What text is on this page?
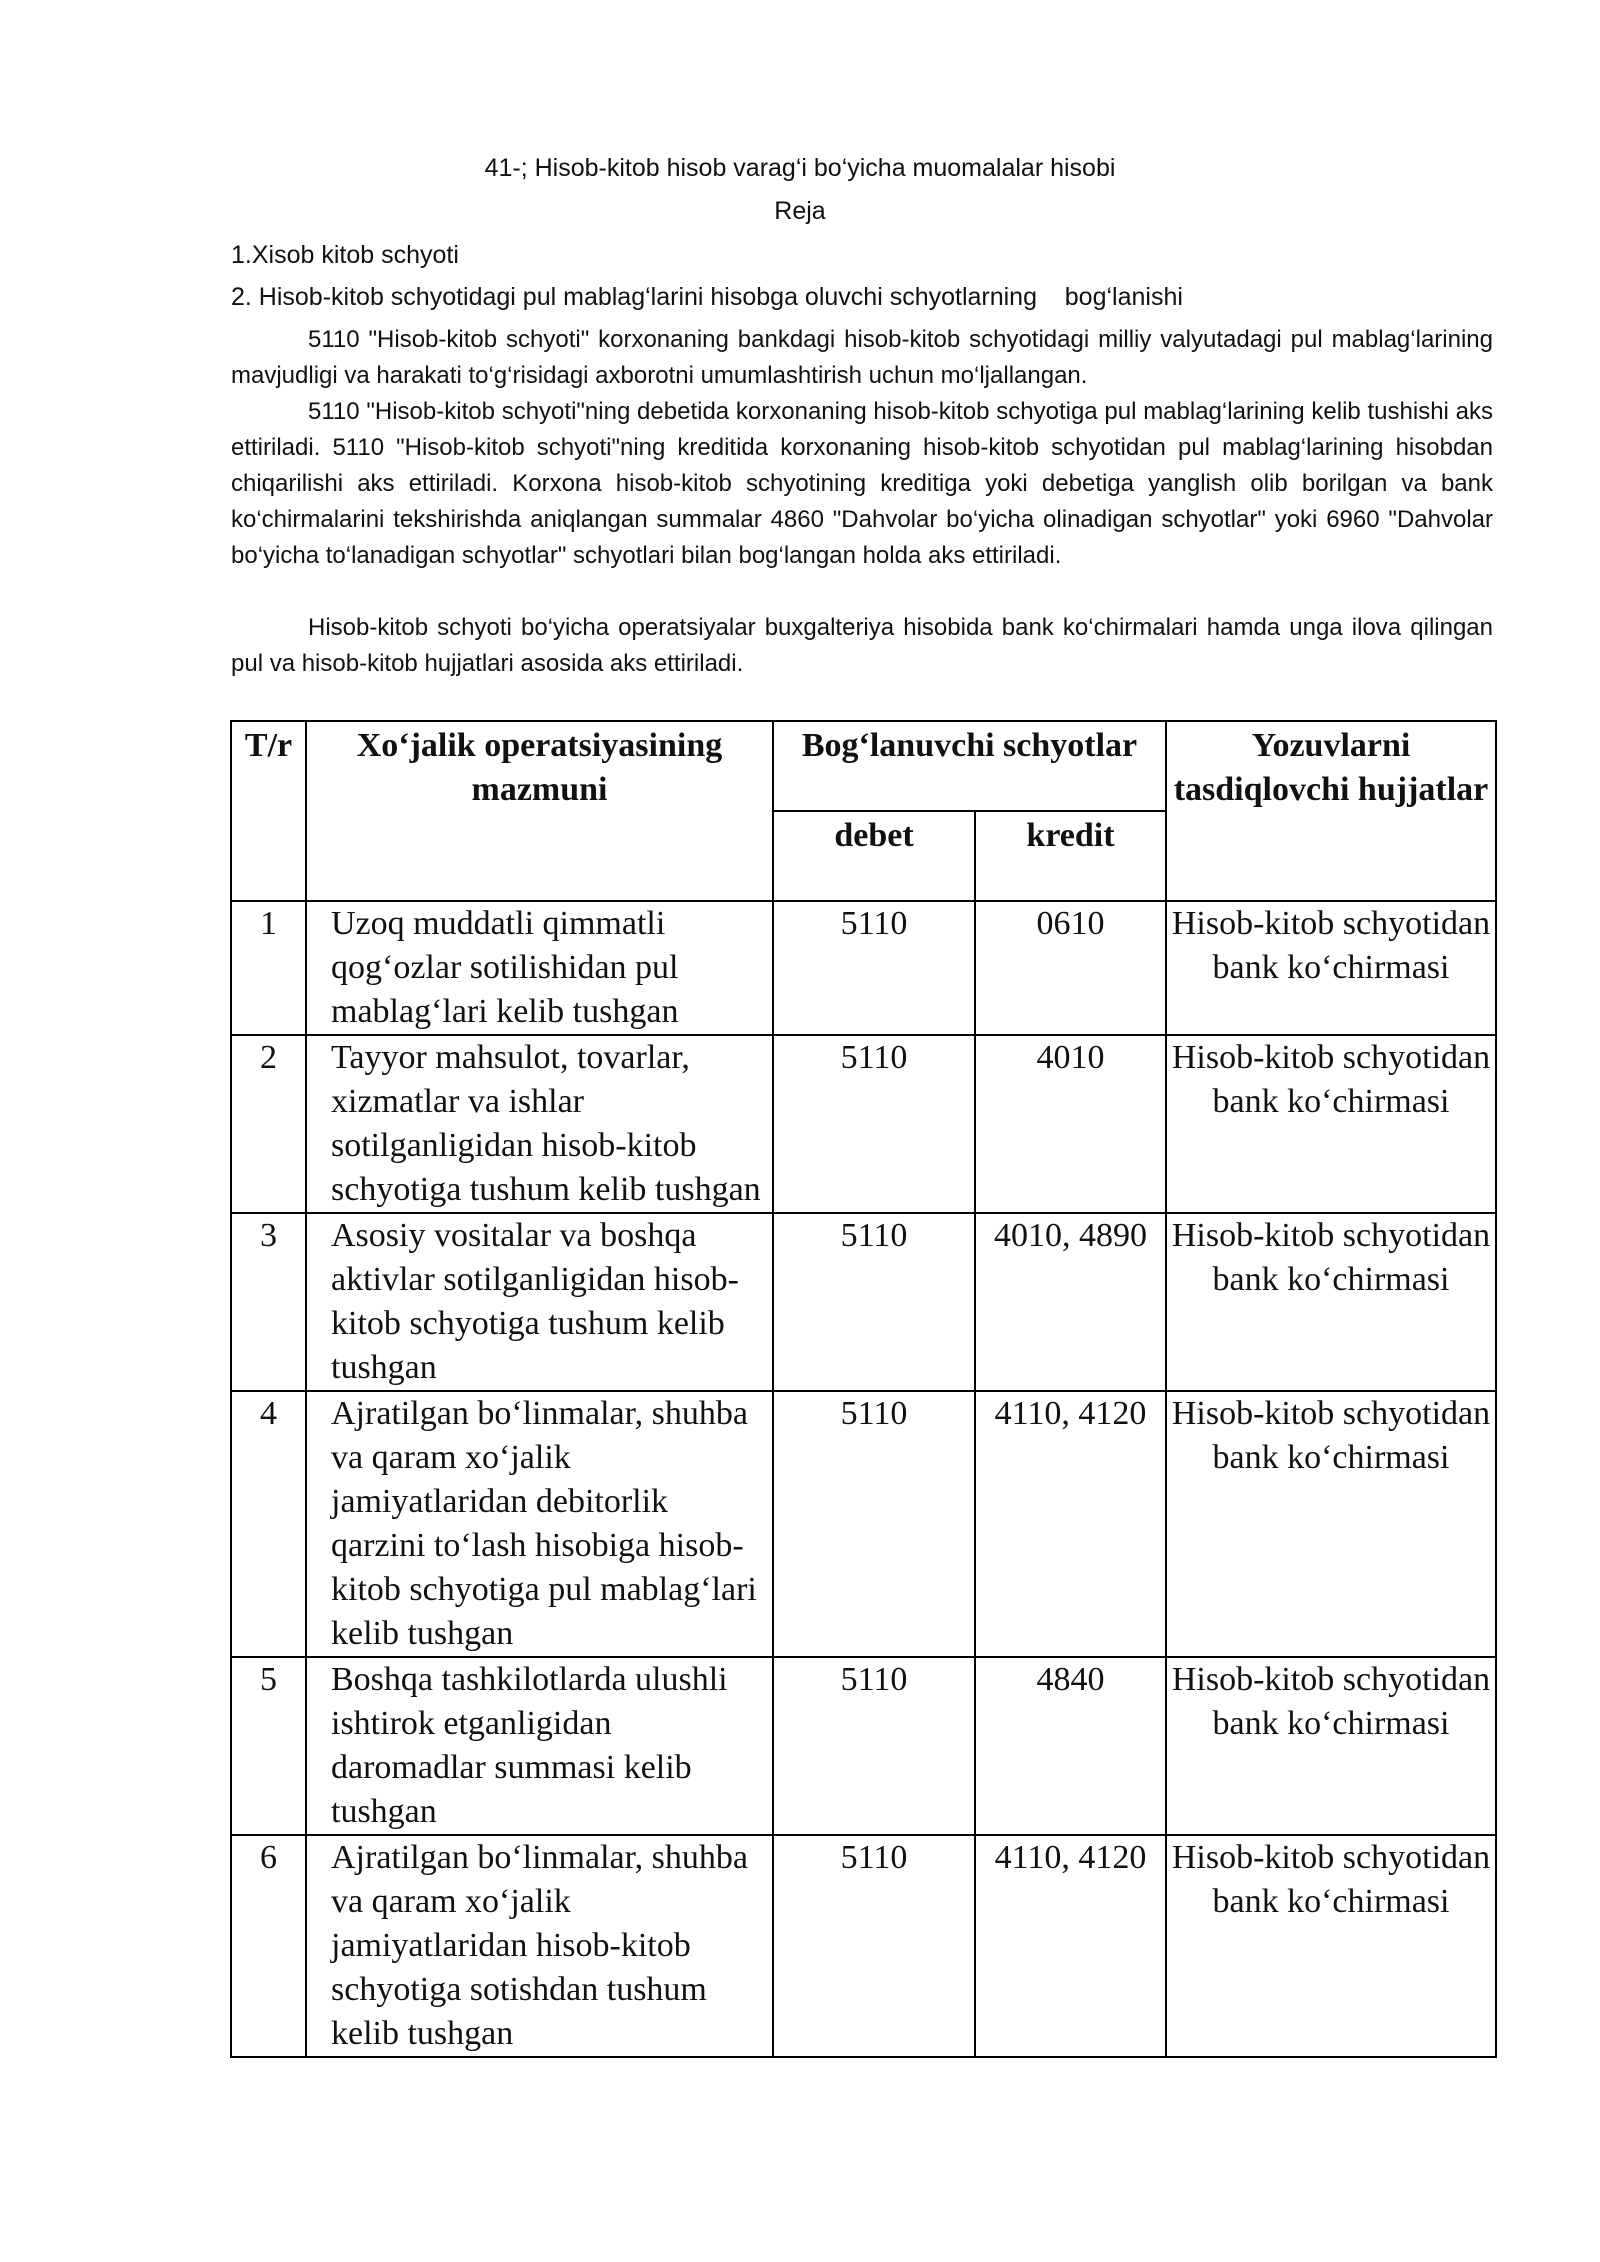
41-; Hisob-kitob hisob varag‘i bo‘yicha muomalalar hisobi
Reja
1.Xisob kitob schyoti
2. Hisob-kitob schyotidagi pul mablag‘larini hisobga oluvchi schyotlarning    bog‘lanishi
5110 "Hisob-kitob schyoti" korxonaning bankdagi hisob-kitob schyotidagi milliy valyutadagi pul mablag‘larining mavjudligi va harakati to‘g‘risidagi axborotni umumlashtirish uchun mo‘ljallangan.
5110 "Hisob-kitob schyoti"ning debetida korxonaning hisob-kitob schyotiga pul mablag‘larining kelib tushishi aks ettiriladi. 5110 "Hisob-kitob schyoti"ning kreditida korxonaning hisob-kitob schyotidan pul mablag‘larining hisobdan chiqarilishi aks ettiriladi. Korxona hisob-kitob schyotining kreditiga yoki debetiga yanglish olib borilgan va bank ko‘chirmalarini tekshirishda aniqlangan summalar 4860 "Dahvolar bo‘yicha olinadigan schyotlar" yoki 6960 "Dahvolar bo‘yicha to‘lanadigan schyotlar" schyotlari bilan bog‘langan holda aks ettiriladi.
Hisob-kitob schyoti bo‘yicha operatsiyalar buxgalteriya hisobida bank ko‘chirmalari hamda unga ilova qilingan pul va hisob-kitob hujjatlari asosida aks ettiriladi.
T/r	Xo‘jalik operatsiyasining mazmuni	Bog‘lanuvchi schyotlar		Yozuvlarni tasdiqlovchi hujjatlar
		debet	kredit	
1	Uzoq muddatli qimmatli qog‘ozlar sotilishidan pul mablag‘lari kelib tushgan	5110	0610	Hisob-kitob schyotidan bank ko‘chirmasi
2	Tayyor mahsulot, tovarlar, xizmatlar va ishlar sotilganligidan hisob-kitob schyotiga tushum kelib tushgan	5110	4010	Hisob-kitob schyotidan bank ko‘chirmasi
3	Asosiy vositalar va boshqa aktivlar sotilganligidan hisob-kitob schyotiga tushum kelib tushgan	5110	4010, 4890	Hisob-kitob schyotidan bank ko‘chirmasi
4	Ajratilgan bo‘linmalar, shuhba va qaram xo‘jalik jamiyatlaridan debitorlik qarzini to‘lash hisobiga hisob-kitob schyotiga pul mablag‘lari kelib tushgan	5110	4110, 4120	Hisob-kitob schyotidan bank ko‘chirmasi
5	Boshqa tashkilotlarda ulushli ishtirok etganligidan daromadlar summasi kelib tushgan	5110	4840	Hisob-kitob schyotidan bank ko‘chirmasi
6	Ajratilgan bo‘linmalar, shuhba va qaram xo‘jalik jamiyatlaridan hisob-kitob schyotiga sotishdan tushum kelib tushgan	5110	4110, 4120	Hisob-kitob schyotidan bank ko‘chirmasi
